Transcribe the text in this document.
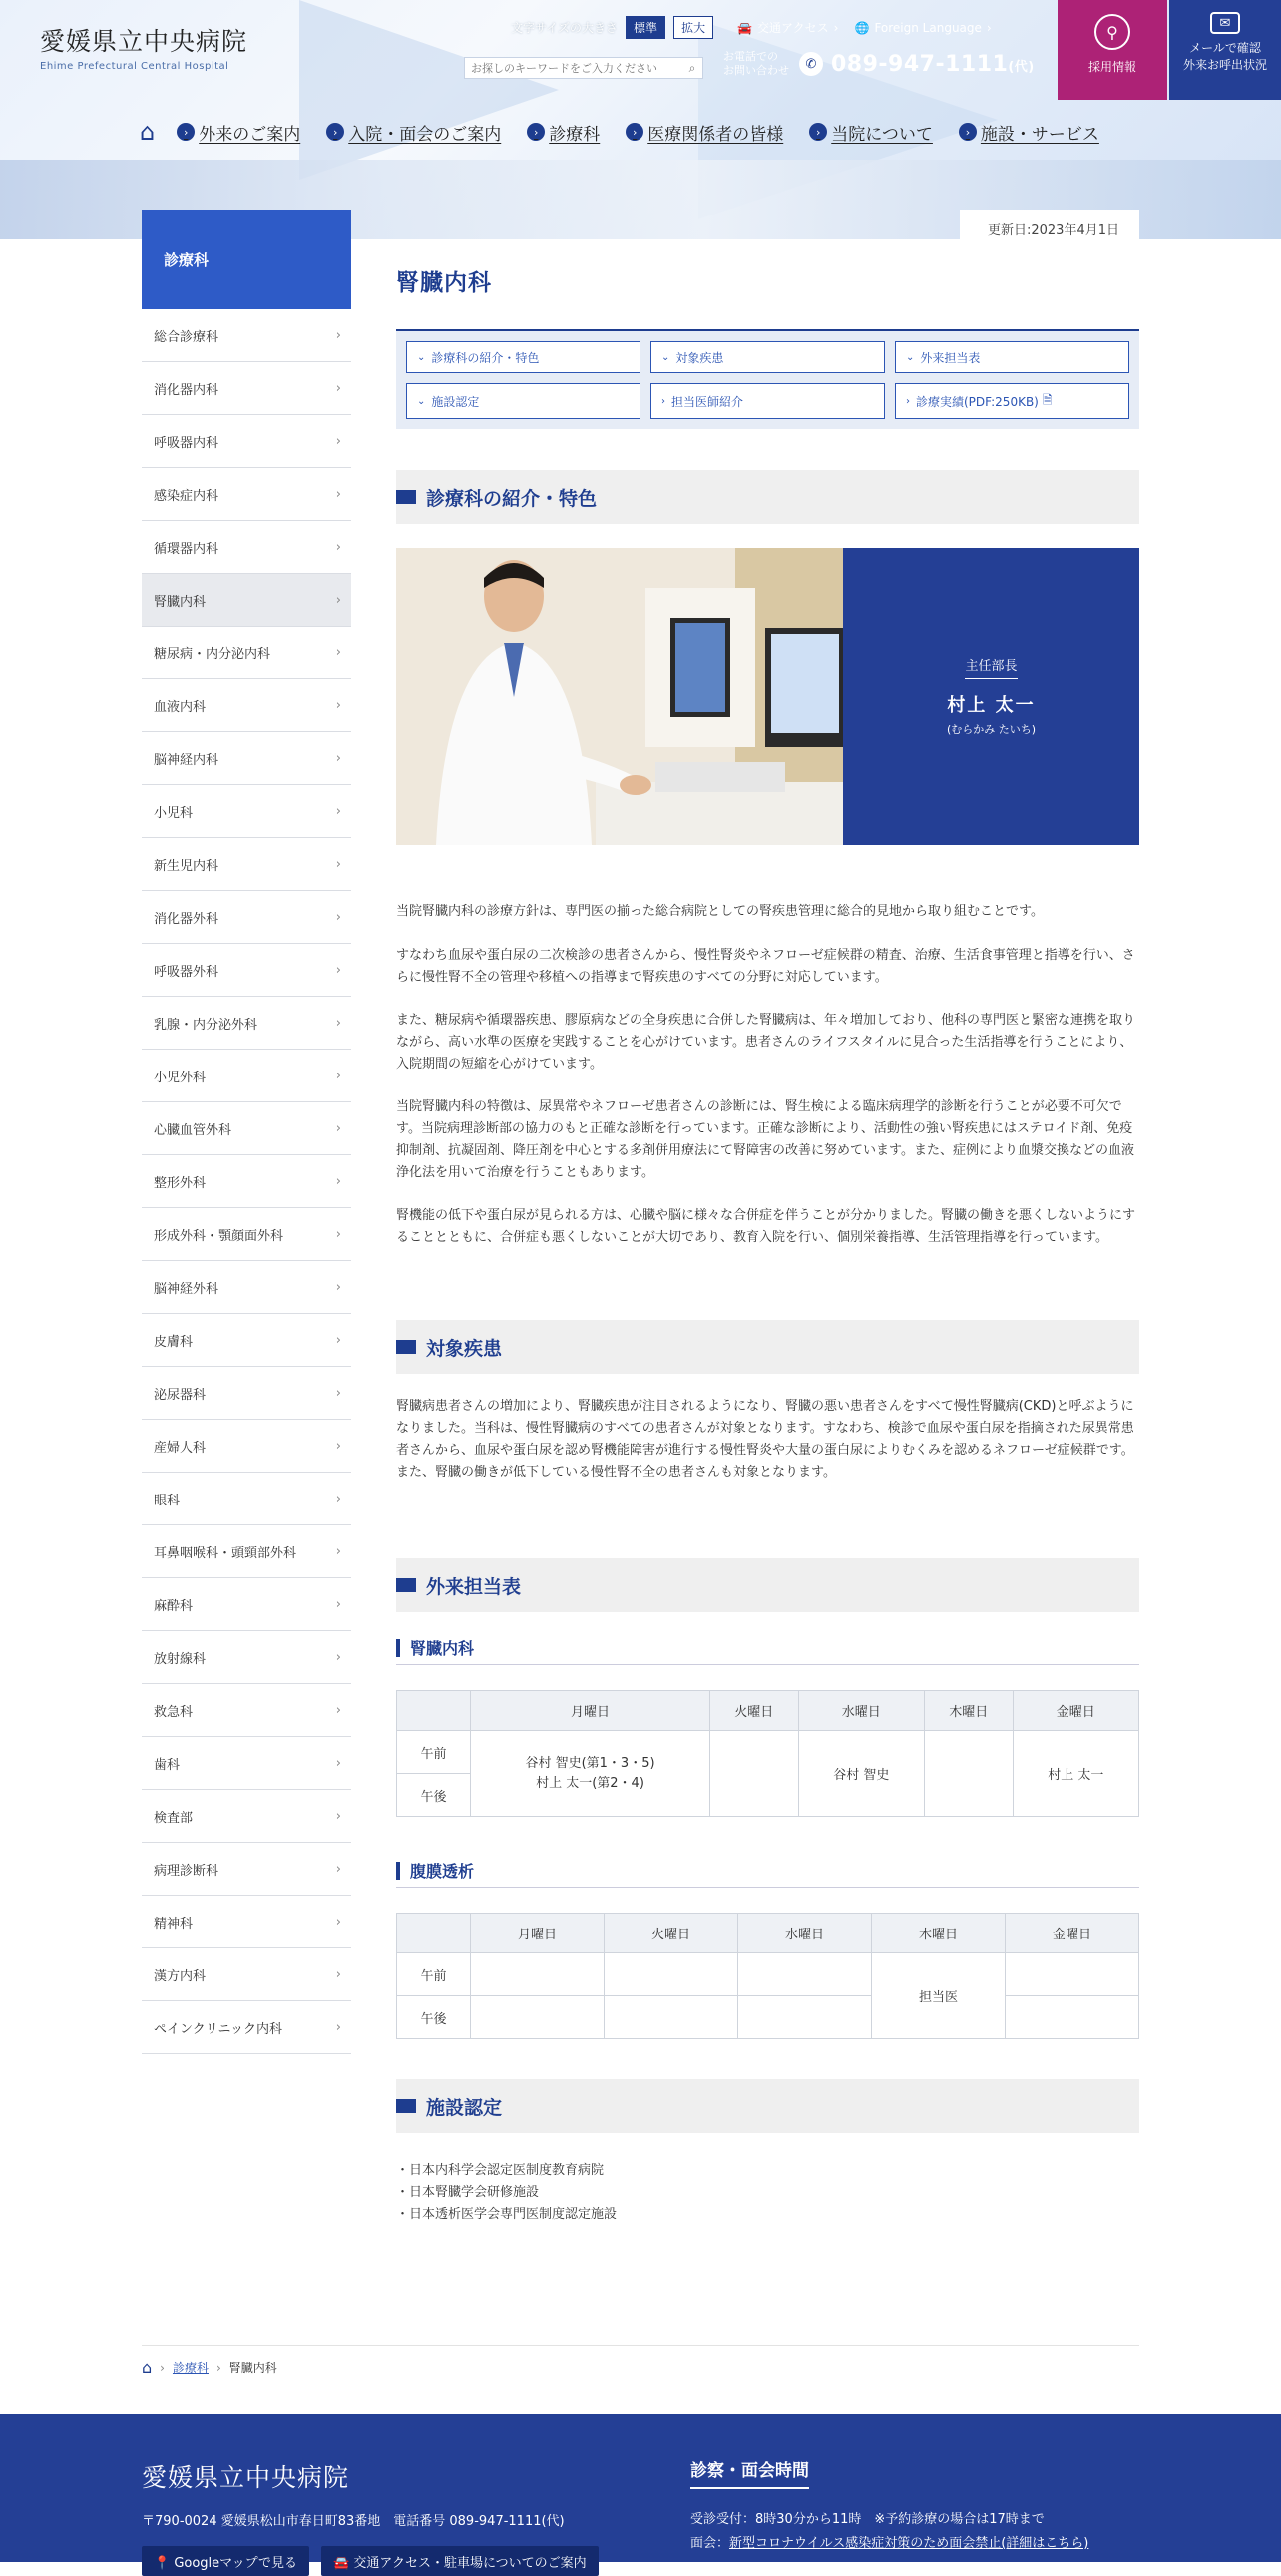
愛媛県立中央病院
Ehime Prefectural Central Hospital
文字サイズの大きさ	標準	拡大	🚘 交通アクセス › 🌐 Foreign Language ›
お探しのキーワードをご入力ください
⌕
お電話での
お問い合わせ	✆ 089-947-1111(代)
⚲
採用情報
✉
メールで確認
外来お呼出状況
⌂	› 外来のご案内	› 入院・面会のご案内	› 診療科	› 医療関係者の皆様	› 当院について	› 施設・サービス
診療科
総合診療科	›
消化器内科	›
呼吸器内科	›
感染症内科	›
循環器内科	›
腎臓内科	›
糖尿病・内分泌内科	›
血液内科	›
脳神経内科	›
小児科	›
新生児内科	›
消化器外科	›
呼吸器外科	›
乳腺・内分泌外科	›
小児外科	›
心臓血管外科	›
整形外科	›
形成外科・顎顔面外科	›
脳神経外科	›
皮膚科	›
泌尿器科	›
産婦人科	›
眼科	›
耳鼻咽喉科・頭頸部外科	›
麻酔科	›
放射線科	›
救急科	›
歯科	›
検査部	›
病理診断科	›
精神科	›
漢方内科	›
ペインクリニック内科	›
更新日:2023年4月1日
腎臓内科
⌄ 診療科の紹介・特色	⌄ 対象疾患	⌄ 外来担当表
⌄ 施設認定	› 担当医師紹介	› 診療実績(PDF:250KB) 🗎
診療科の紹介・特色
主任部長
村上 太一
(むらかみ たいち)

当院腎臓内科の診療方針は、専門医の揃った総合病院としての腎疾患管理に総合的見地から取り組むことです。

すなわち血尿や蛋白尿の二次検診の患者さんから、慢性腎炎やネフローゼ症候群の精査、治療、生活食事管理と指導を行い、さらに慢性腎不全の管理や移植への指導まで腎疾患のすべての分野に対応しています。

また、糖尿病や循環器疾患、膠原病などの全身疾患に合併した腎臓病は、年々増加しており、他科の専門医と緊密な連携を取りながら、高い水準の医療を実践することを心がけています。患者さんのライフスタイルに見合った生活指導を行うことにより、入院期間の短縮を心がけています。

当院腎臓内科の特徴は、尿異常やネフローゼ患者さんの診断には、腎生検による臨床病理学的診断を行うことが必要不可欠です。当院病理診断部の協力のもと正確な診断を行っています。正確な診断により、活動性の強い腎疾患にはステロイド剤、免疫抑制剤、抗凝固剤、降圧剤を中心とする多剤併用療法にて腎障害の改善に努めています。また、症例により血漿交換などの血液浄化法を用いて治療を行うこともあります。

腎機能の低下や蛋白尿が見られる方は、心臓や脳に様々な合併症を伴うことが分かりました。腎臓の働きを悪くしないようにすることとともに、合併症も悪くしないことが大切であり、教育入院を行い、個別栄養指導、生活管理指導を行っています。

対象疾患

腎臓病患者さんの増加により、腎臓疾患が注目されるようになり、腎臓の悪い患者さんをすべて慢性腎臓病(CKD)と呼ぶようになりました。当科は、慢性腎臓病のすべての患者さんが対象となります。すなわち、検診で血尿や蛋白尿を指摘された尿異常患者さんから、血尿や蛋白尿を認め腎機能障害が進行する慢性腎炎や大量の蛋白尿によりむくみを認めるネフローゼ症候群です。また、腎臓の働きが低下している慢性腎不全の患者さんも対象となります。

外来担当表
腎臓内科
	月曜日	火曜日	水曜日	木曜日	金曜日
午前	谷村 智史(第1・3・5)
村上 太一(第2・4)		谷村 智史		村上 太一
午後					
腹膜透析
	月曜日	火曜日	水曜日	木曜日	金曜日
午前				担当医	
午後					
施設認定
・日本内科学会認定医制度教育病院
・日本腎臓学会研修施設
・日本透析医学会専門医制度認定施設
⌂ › 診療科 › 腎臓内科
愛媛県立中央病院
〒790-0024 愛媛県松山市春日町83番地　電話番号 089-947-1111(代)
📍 Googleマップで見る	🚘 交通アクセス・駐車場についてのご案内
診察・面会時間
受診受付：8時30分から11時　※予約診療の場合は17時まで
面会：新型コロナウイルス感染症対策のため面会禁止(詳細はこちら)
